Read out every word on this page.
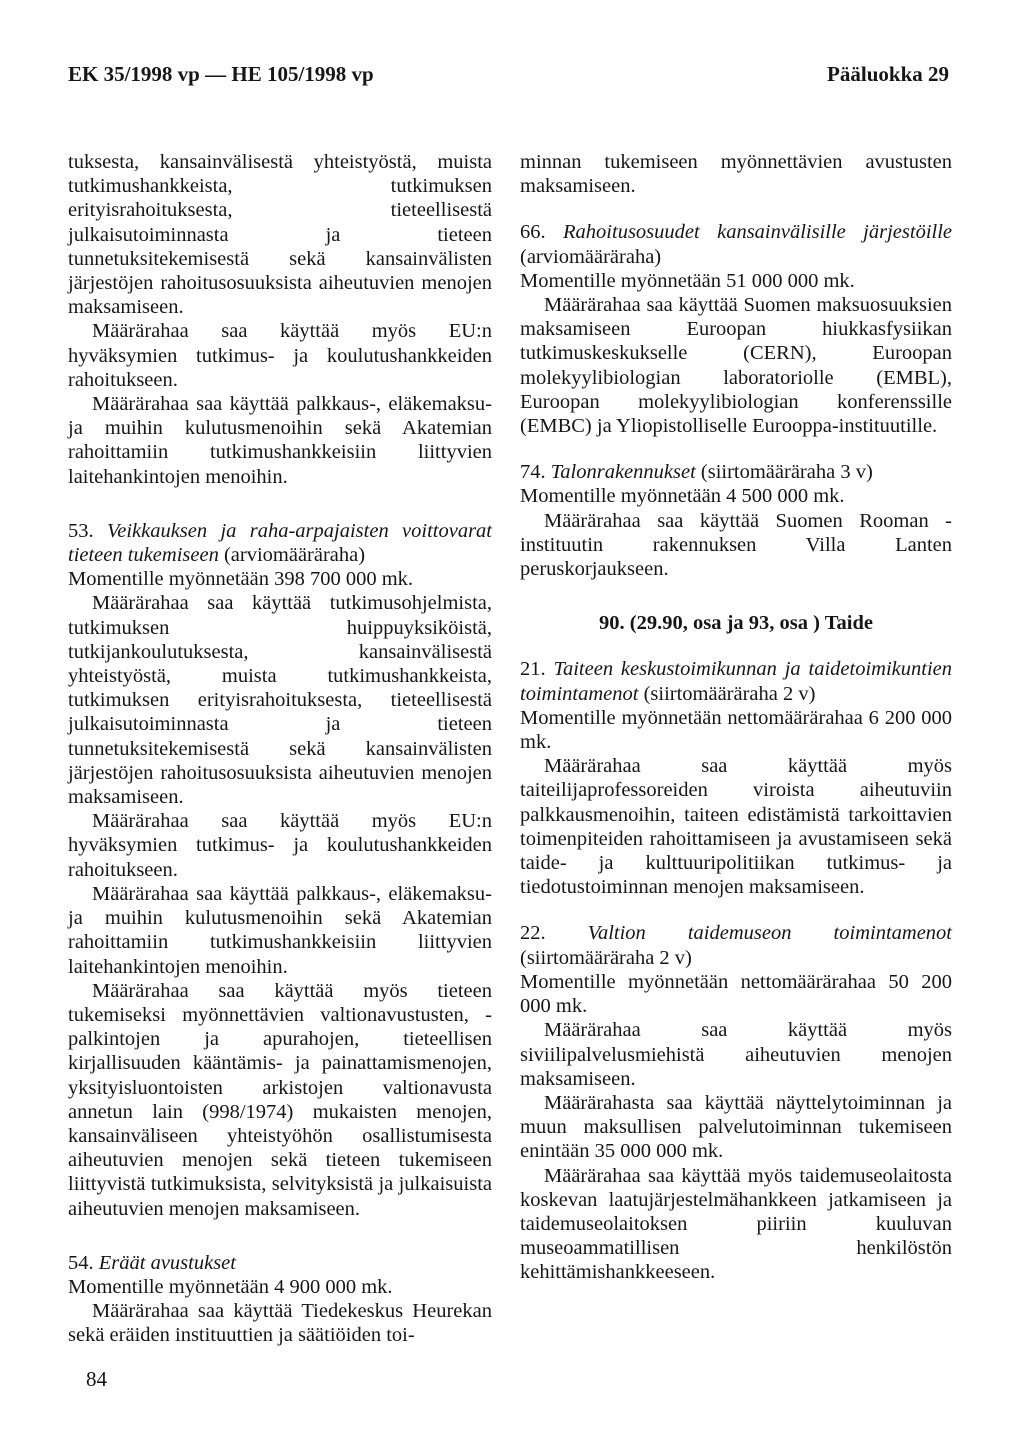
EK 35/1998 vp — HE 105/1998 vp	Pääluokka 29

tuksesta, kansainvälisestä yhteistyöstä, muista tutkimushankkeista, tutkimuksen erityisrahoituksesta, tieteellisestä julkaisutoiminnasta ja tieteen tunnetuksitekemisestä sekä kansainvälisten järjestöjen rahoitusosuuksista aiheutuvien menojen maksamiseen.

Määrärahaa saa käyttää myös EU:n hyväksymien tutkimus- ja koulutushankkeiden rahoitukseen.

Määrärahaa saa käyttää palkkaus-, eläkemaksu- ja muihin kulutusmenoihin sekä Akatemian rahoittamiin tutkimushankkeisiin liittyvien laitehankintojen menoihin.

53. Veikkauksen ja raha-arpajaisten voittovarat tieteen tukemiseen (arviomääräraha)

Momentille myönnetään 398 700 000 mk.

Määrärahaa saa käyttää tutkimusohjelmista, tutkimuksen huippuyksiköistä, tutkijankoulutuksesta, kansainvälisestä yhteistyöstä, muista tutkimushankkeista, tutkimuksen erityisrahoituksesta, tieteellisestä julkaisutoiminnasta ja tieteen tunnetuksitekemisestä sekä kansainvälisten järjestöjen rahoitusosuuksista aiheutuvien menojen maksamiseen.

Määrärahaa saa käyttää myös EU:n hyväksymien tutkimus- ja koulutushankkeiden rahoitukseen.

Määrärahaa saa käyttää palkkaus-, eläkemaksu- ja muihin kulutusmenoihin sekä Akatemian rahoittamiin tutkimushankkeisiin liittyvien laitehankintojen menoihin.

Määrärahaa saa käyttää myös tieteen tukemiseksi myönnettävien valtionavustusten, -palkintojen ja apurahojen, tieteellisen kirjallisuuden kääntämis- ja painattamismenojen, yksityisluontoisten arkistojen valtionavusta annetun lain (998/1974) mukaisten menojen, kansainväliseen yhteistyöhön osallistumisesta aiheutuvien menojen sekä tieteen tukemiseen liittyvistä tutkimuksista, selvityksistä ja julkaisuista aiheutuvien menojen maksamiseen.

54. Eräät avustukset

Momentille myönnetään 4 900 000 mk.

Määrärahaa saa käyttää Tiedekeskus Heurekan sekä eräiden instituuttien ja säätiöiden toi-

minnan tukemiseen myönnettävien avustusten maksamiseen.

66. Rahoitusosuudet kansainvälisille järjestöille (arviomääräraha)

Momentille myönnetään 51 000 000 mk.

Määrärahaa saa käyttää Suomen maksuosuuksien maksamiseen Euroopan hiukkasfysiikan tutkimuskeskukselle (CERN), Euroopan molekyylibiologian laboratoriolle (EMBL), Euroopan molekyylibiologian konferenssille (EMBC) ja Yliopistolliselle Eurooppa-instituutille.

74. Talonrakennukset (siirtomääräraha 3 v)

Momentille myönnetään 4 500 000 mk.

Määrärahaa saa käyttää Suomen Rooman -instituutin rakennuksen Villa Lanten peruskorjaukseen.

90. (29.90, osa ja 93, osa ) Taide

21. Taiteen keskustoimikunnan ja taidetoimikuntien toimintamenot (siirtomääräraha 2 v)

Momentille myönnetään nettomäärärahaa 6 200 000 mk.

Määrärahaa saa käyttää myös taiteilijaprofessoreiden viroista aiheutuviin palkkausmenoihin, taiteen edistämistä tarkoittavien toimenpiteiden rahoittamiseen ja avustamiseen sekä taide- ja kulttuuripolitiikan tutkimus- ja tiedotustoiminnan menojen maksamiseen.

22. Valtion taidemuseon toimintamenot (siirtomääräraha 2 v)

Momentille myönnetään nettomäärärahaa 50 200 000 mk.

Määrärahaa saa käyttää myös siviilipalvelusmiehistä aiheutuvien menojen maksamiseen.

Määrärahasta saa käyttää näyttelytoiminnan ja muun maksullisen palvelutoiminnan tukemiseen enintään 35 000 000 mk.

Määrärahaa saa käyttää myös taidemuseolaitosta koskevan laatujärjestelmähankkeen jatkamiseen ja taidemuseolaitoksen piiriin kuuluvan museoammatillisen henkilöstön kehittämishankkeeseen.

84
